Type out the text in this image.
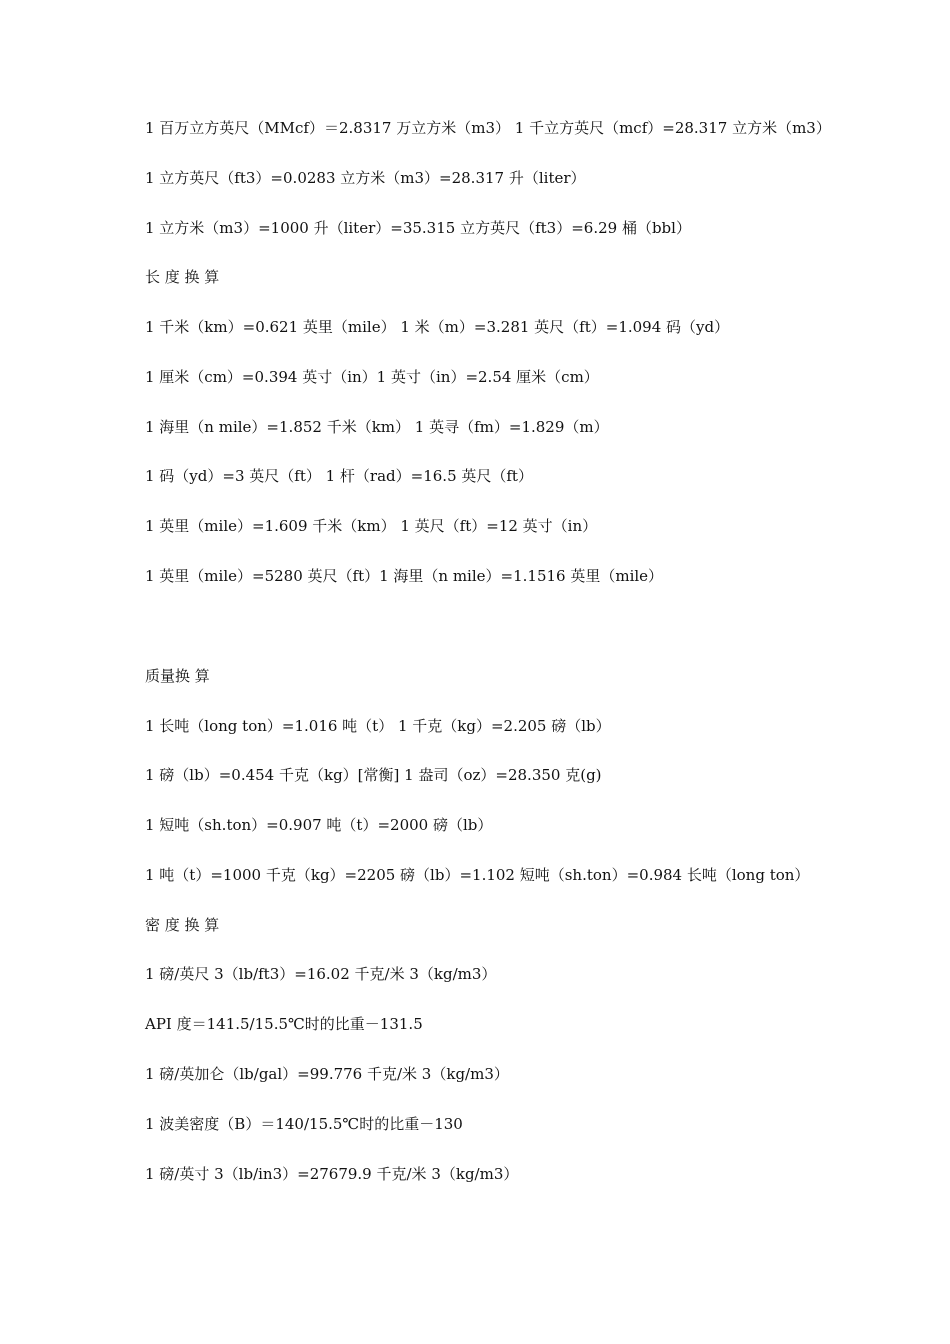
1 百万立方英尺（MMcf）＝2.8317 万立方米（m3） 1 千立方英尺（mcf）=28.317 立方米（m3）
1 立方英尺（ft3）=0.0283 立方米（m3）=28.317 升（liter）
1 立方米（m3）=1000 升（liter）=35.315 立方英尺（ft3）=6.29 桶（bbl）
长 度 换 算
1 千米（km）=0.621 英里（mile） 1 米（m）=3.281 英尺（ft）=1.094 码（yd）
1 厘米（cm）=0.394 英寸（in）1 英寸（in）=2.54 厘米（cm）
1 海里（n mile）=1.852 千米（km） 1 英寻（fm）=1.829（m）
1 码（yd）=3 英尺（ft） 1 杆（rad）=16.5 英尺（ft）
1 英里（mile）=1.609 千米（km） 1 英尺（ft）=12 英寸（in）
1 英里（mile）=5280 英尺（ft）1 海里（n mile）=1.1516 英里（mile）
质量换 算
1 长吨（long ton）=1.016 吨（t） 1 千克（kg）=2.205 磅（lb）
1 磅（lb）=0.454 千克（kg）[常衡] 1 盎司（oz）=28.350 克(g)
1 短吨（sh.ton）=0.907 吨（t）=2000 磅（lb）
1 吨（t）=1000 千克（kg）=2205 磅（lb）=1.102 短吨（sh.ton）=0.984 长吨（long ton）
密 度 换 算
1 磅/英尺 3（lb/ft3）=16.02 千克/米 3（kg/m3）
API 度＝141.5/15.5℃时的比重－131.5
1 磅/英加仑（lb/gal）=99.776 千克/米 3（kg/m3）
1 波美密度（B）＝140/15.5℃时的比重－130
1 磅/英寸 3（lb/in3）=27679.9 千克/米 3（kg/m3）
